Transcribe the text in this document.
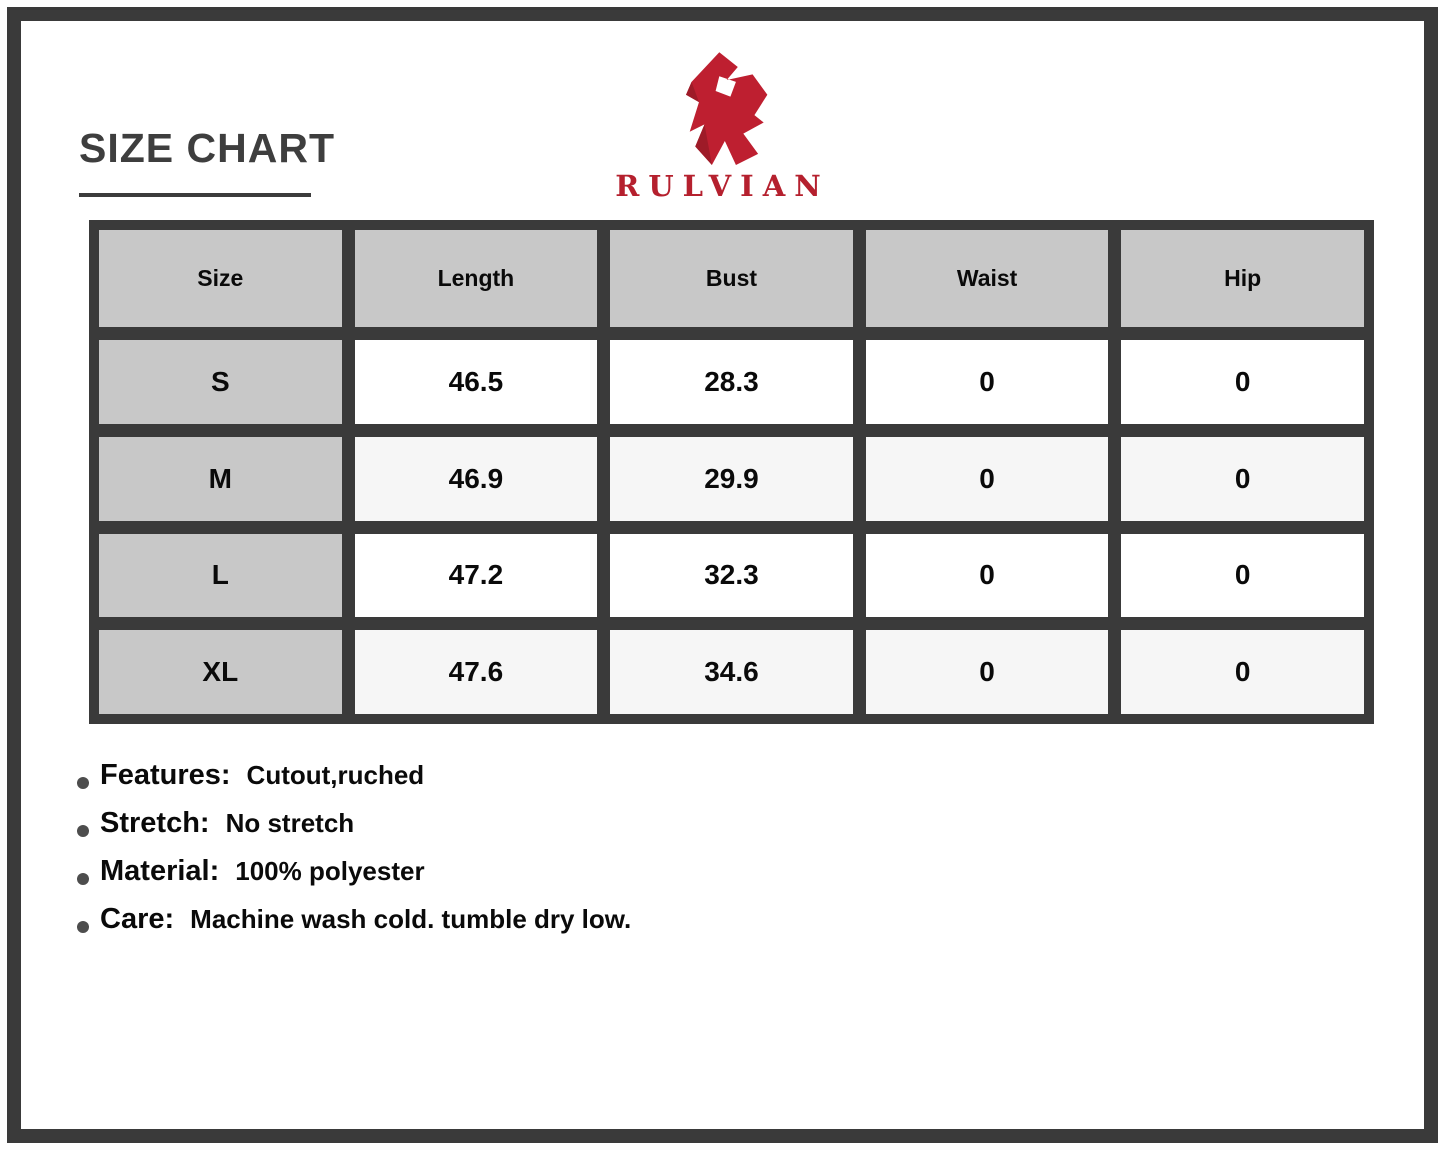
SIZE CHART
RULVIAN
Size	Length	Bust	Waist	Hip
S	46.5	28.3	0	0
M	46.9	29.9	0	0
L	47.2	32.3	0	0
XL	47.6	34.6	0	0
Features: Cutout,ruched
Stretch: No stretch
Material: 100% polyester
Care: Machine wash cold. tumble dry low.
